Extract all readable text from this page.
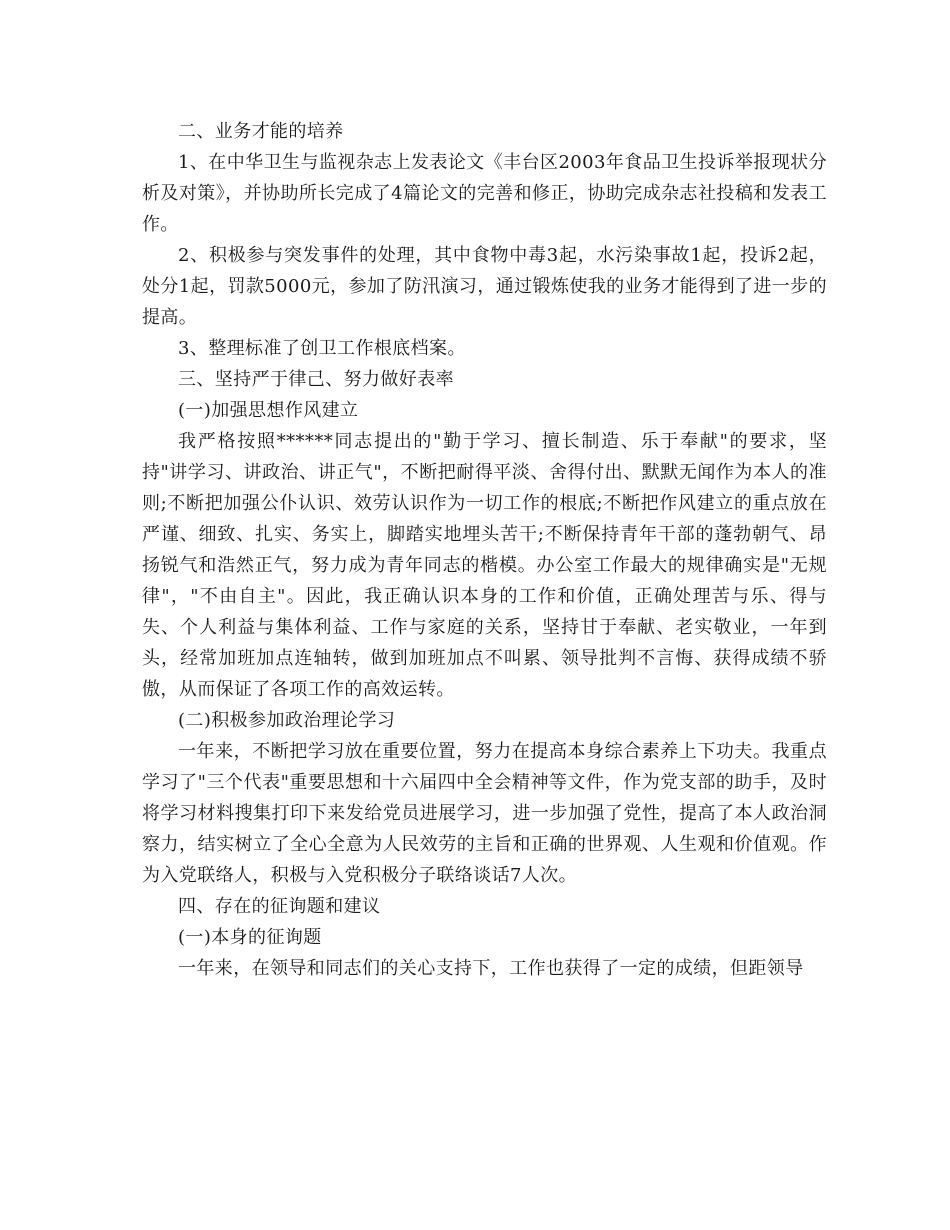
二、业务才能的培养

1、在中华卫生与监视杂志上发表论文《丰台区2003年食品卫生投诉举报现状分析及对策》，并协助所长完成了4篇论文的完善和修正，协助完成杂志社投稿和发表工作。

2、积极参与突发事件的处理，其中食物中毒3起，水污染事故1起，投诉2起，处分1起，罚款5000元，参加了防汛演习，通过锻炼使我的业务才能得到了进一步的提高。

3、整理标准了创卫工作根底档案。

三、坚持严于律己、努力做好表率

(一)加强思想作风建立

我严格按照******同志提出的"勤于学习、擅长制造、乐于奉献"的要求，坚持"讲学习、讲政治、讲正气"，不断把耐得平淡、舍得付出、默默无闻作为本人的准则;不断把加强公仆认识、效劳认识作为一切工作的根底;不断把作风建立的重点放在严谨、细致、扎实、务实上，脚踏实地埋头苦干;不断保持青年干部的蓬勃朝气、昂扬锐气和浩然正气，努力成为青年同志的楷模。办公室工作最大的规律确实是"无规律"，"不由自主"。因此，我正确认识本身的工作和价值，正确处理苦与乐、得与失、个人利益与集体利益、工作与家庭的关系，坚持甘于奉献、老实敬业，一年到头，经常加班加点连轴转，做到加班加点不叫累、领导批判不言悔、获得成绩不骄傲，从而保证了各项工作的高效运转。

(二)积极参加政治理论学习

一年来，不断把学习放在重要位置，努力在提高本身综合素养上下功夫。我重点学习了"三个代表"重要思想和十六届四中全会精神等文件，作为党支部的助手，及时将学习材料搜集打印下来发给党员进展学习，进一步加强了党性，提高了本人政治洞察力，结实树立了全心全意为人民效劳的主旨和正确的世界观、人生观和价值观。作为入党联络人，积极与入党积极分子联络谈话7人次。

四、存在的征询题和建议

(一)本身的征询题

一年来，在领导和同志们的关心支持下，工作也获得了一定的成绩，但距领导
